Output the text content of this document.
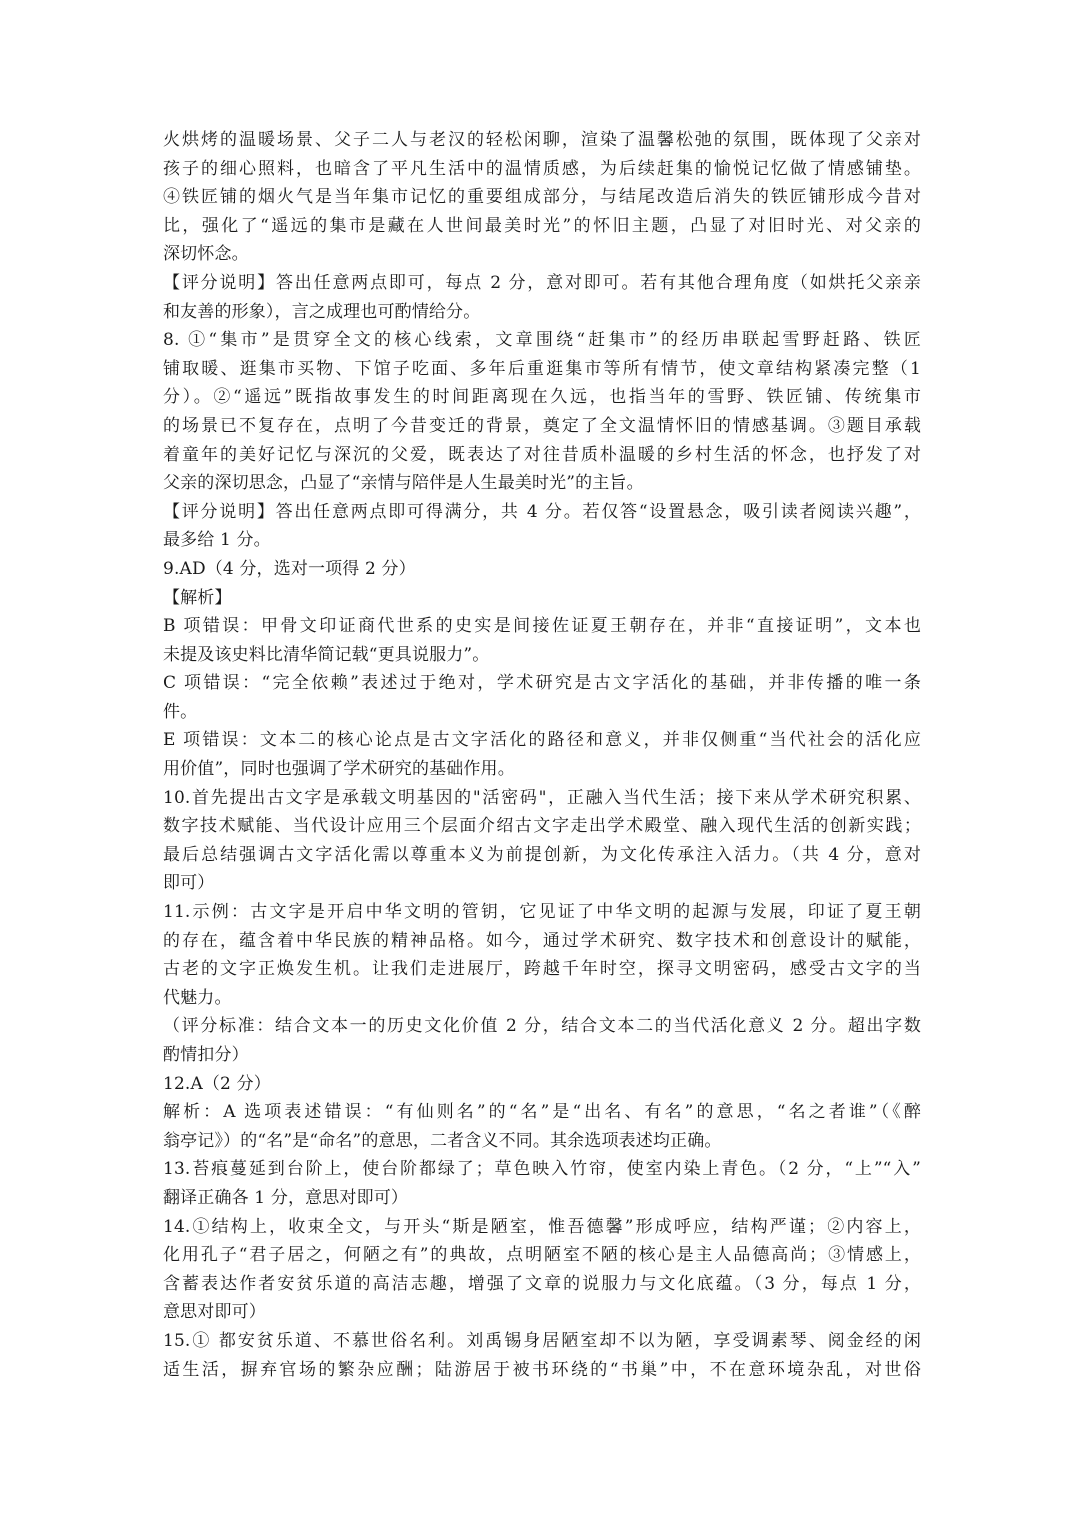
火烘烤的温暖场景、父子二人与老汉的轻松闲聊，渲染了温馨松弛的氛围，既体现了父亲对
孩子的细心照料，也暗含了平凡生活中的温情质感，为后续赶集的愉悦记忆做了情感铺垫。
④铁匠铺的烟火气是当年集市记忆的重要组成部分，与结尾改造后消失的铁匠铺形成今昔对
比，强化了“遥远的集市是藏在人世间最美时光”的怀旧主题，凸显了对旧时光、对父亲的
深切怀念。
【评分说明】答出任意两点即可，每点 2 分，意对即可。若有其他合理角度（如烘托父亲亲
和友善的形象），言之成理也可酌情给分。
8. ①“集市”是贯穿全文的核心线索，文章围绕“赶集市”的经历串联起雪野赶路、铁匠
铺取暖、逛集市买物、下馆子吃面、多年后重逛集市等所有情节，使文章结构紧凑完整（1
分）。②“遥远”既指故事发生的时间距离现在久远，也指当年的雪野、铁匠铺、传统集市
的场景已不复存在，点明了今昔变迁的背景，奠定了全文温情怀旧的情感基调。③题目承载
着童年的美好记忆与深沉的父爱，既表达了对往昔质朴温暖的乡村生活的怀念，也抒发了对
父亲的深切思念，凸显了“亲情与陪伴是人生最美时光”的主旨。
【评分说明】答出任意两点即可得满分，共 4 分。若仅答“设置悬念，吸引读者阅读兴趣”，
最多给 1 分。
9.AD（4 分，选对一项得 2 分）
【解析】
B 项错误：甲骨文印证商代世系的史实是间接佐证夏王朝存在，并非“直接证明”，文本也
未提及该史料比清华简记载“更具说服力”。
C 项错误：“完全依赖”表述过于绝对，学术研究是古文字活化的基础，并非传播的唯一条
件。
E 项错误：文本二的核心论点是古文字活化的路径和意义，并非仅侧重“当代社会的活化应
用价值”，同时也强调了学术研究的基础作用。
10.首先提出古文字是承载文明基因的"活密码"，正融入当代生活；接下来从学术研究积累、
数字技术赋能、当代设计应用三个层面介绍古文字走出学术殿堂、融入现代生活的创新实践；
最后总结强调古文字活化需以尊重本义为前提创新，为文化传承注入活力。（共 4 分，意对
即可）
11.示例：古文字是开启中华文明的管钥，它见证了中华文明的起源与发展，印证了夏王朝
的存在，蕴含着中华民族的精神品格。如今，通过学术研究、数字技术和创意设计的赋能，
古老的文字正焕发生机。让我们走进展厅，跨越千年时空，探寻文明密码，感受古文字的当
代魅力。
（评分标准：结合文本一的历史文化价值 2 分，结合文本二的当代活化意义 2 分。超出字数
酌情扣分）
12.A（2 分）
解析：A 选项表述错误：“有仙则名”的“名”是“出名、有名”的意思，“名之者谁”（《醉
翁亭记》）的“名”是“命名”的意思，二者含义不同。其余选项表述均正确。
13.苔痕蔓延到台阶上，使台阶都绿了；草色映入竹帘，使室内染上青色。（2 分，“上”“入”
翻译正确各 1 分，意思对即可）
14.①结构上，收束全文，与开头“斯是陋室，惟吾德馨”形成呼应，结构严谨；②内容上，
化用孔子“君子居之，何陋之有”的典故，点明陋室不陋的核心是主人品德高尚；③情感上，
含蓄表达作者安贫乐道的高洁志趣，增强了文章的说服力与文化底蕴。（3 分，每点 1 分，
意思对即可）
15.① 都安贫乐道、不慕世俗名利。刘禹锡身居陋室却不以为陋，享受调素琴、阅金经的闲
适生活，摒弃官场的繁杂应酬；陆游居于被书环绕的“书巢”中，不在意环境杂乱，对世俗
